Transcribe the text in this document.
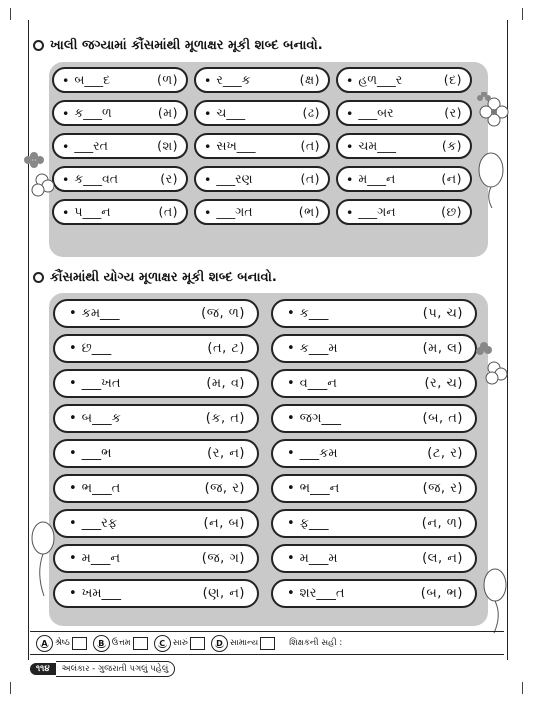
ખાલી જગ્યામાં કૌંસમાંથી મૂળાક્ષર મૂકી શબ્દ બનાવો.
• બ___દ	(ળ) • ર___ક	(ક્ષ) • હળ___ર	(દ)
• ક___ળ	(મ) • ચ___	(ઢ) • ___બર	(ર)
• ___રત	(શ) • સખ___	(ત) • ચમ___	(ક)
• ક___વત	(ર) • ___રણ	(ત) • મ___ન	(ન)
• પ___ન	(ત) • ___ગત	(ભ) • ___ગન	(છ)
કૌંસમાંથી યોગ્ય મૂળાક્ષર મૂકી શબ્દ બનાવો.
• કમ___	(જ, ળ)	• ક___	(પ, ચ)
• છ___	(ત, ટ)	• ક___મ	(મ, લ)
• ___ખત	(મ, વ)	• વ___ન	(ર, ચ)
• બ___ક	(ક, ત)	• જગ___	(બ, ત)
• ___ભ	(ર, ન)	• ___કમ	(ટ, ર)
• ભ___ત	(જ, ર)	• ભ___ન	(જ, ર)
• ___રફ	(ન, બ)	• ફ___	(ન, ળ)
• મ___ન	(જ, ગ)	• મ___મ	(લ, ન)
• ખમ___	(ણ, ન)	• શર___ત	(બ, ભ)
A શ્રેષ્ઠ	B ઉત્તમ	C સારું	D સામાન્ય	શિક્ષકની સહી :
૧૧૪	અલંકાર - ગુજરાતી પગલું પહેલું
